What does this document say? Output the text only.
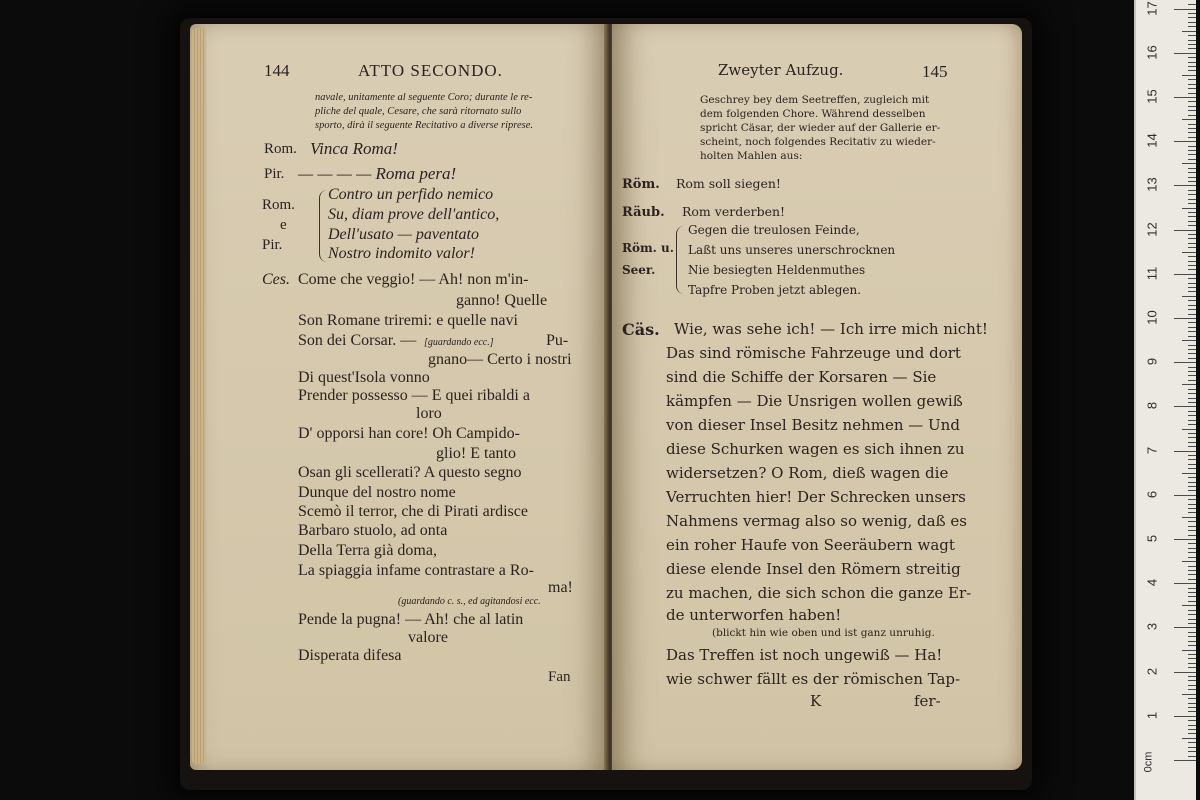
144	ATTO SECONDO.
navale, unitamente al seguente Coro; durante le re-
pliche del quale, Cesare, che sarà ritornato sullo
sporto, dirà il seguente Recitativo a diverse riprese.
Rom. Vinca Roma!
Pir. — — — — Roma pera!
Rom.
e
Pir.
Contro un perfido nemico
Su, diam prove dell'antico,
Dell'usato — paventato
Nostro indomito valor!
Ces. Come che veggio! — Ah! non m'in-
ganno! Quelle
Son Romane triremi: e quelle navi
Son dei Corsar. — [guardando ecc.]	Pu-
gnano— Certo i nostri
Di quest'Isola vonno
Prender possesso — E quei ribaldi a
loro
D' opporsi han core! Oh Campido-
glio! E tanto
Osan gli scellerati? A questo segno
Dunque del nostro nome
Scemò il terror, che di Pirati ardisce
Barbaro stuolo, ad onta
Della Terra già doma,
La spiaggia infame contrastare a Ro-
ma!
(guardando c. s., ed agitandosi ecc.
Pende la pugna! — Ah! che al latin
valore
Disperata difesa
Fan
Zweyter Aufzug.	145
Geschrey bey dem Seetreffen, zugleich mit
dem folgenden Chore. Während desselben
spricht Cäsar, der wieder auf der Gallerie er-
scheint, noch folgendes Recitativ zu wieder-
holten Mahlen aus:
Röm. Rom soll siegen!
Räub. Rom verderben!
Röm. u.
Seer.
Gegen die treulosen Feinde,
Laßt uns unseres unerschrocknen
Nie besiegten Heldenmuthes
Tapfre Proben jetzt ablegen.
Cäs. Wie, was sehe ich! — Ich irre mich nicht!
Das sind römische Fahrzeuge und dort
sind die Schiffe der Korsaren — Sie
kämpfen — Die Unsrigen wollen gewiß
von dieser Insel Besitz nehmen — Und
diese Schurken wagen es sich ihnen zu
widersetzen? O Rom, dieß wagen die
Verruchten hier! Der Schrecken unsers
Nahmens vermag also so wenig, daß es
ein roher Haufe von Seeräubern wagt
diese elende Insel den Römern streitig
zu machen, die sich schon die ganze Er-
de unterworfen haben!
(blickt hin wie oben und ist ganz unruhig.
Das Treffen ist noch ungewiß — Ha!
wie schwer fällt es der römischen Tap-
K	fer-
0cm
1
2
3
4
5
6
7
8
9
10
11
12
13
14
15
16
17
